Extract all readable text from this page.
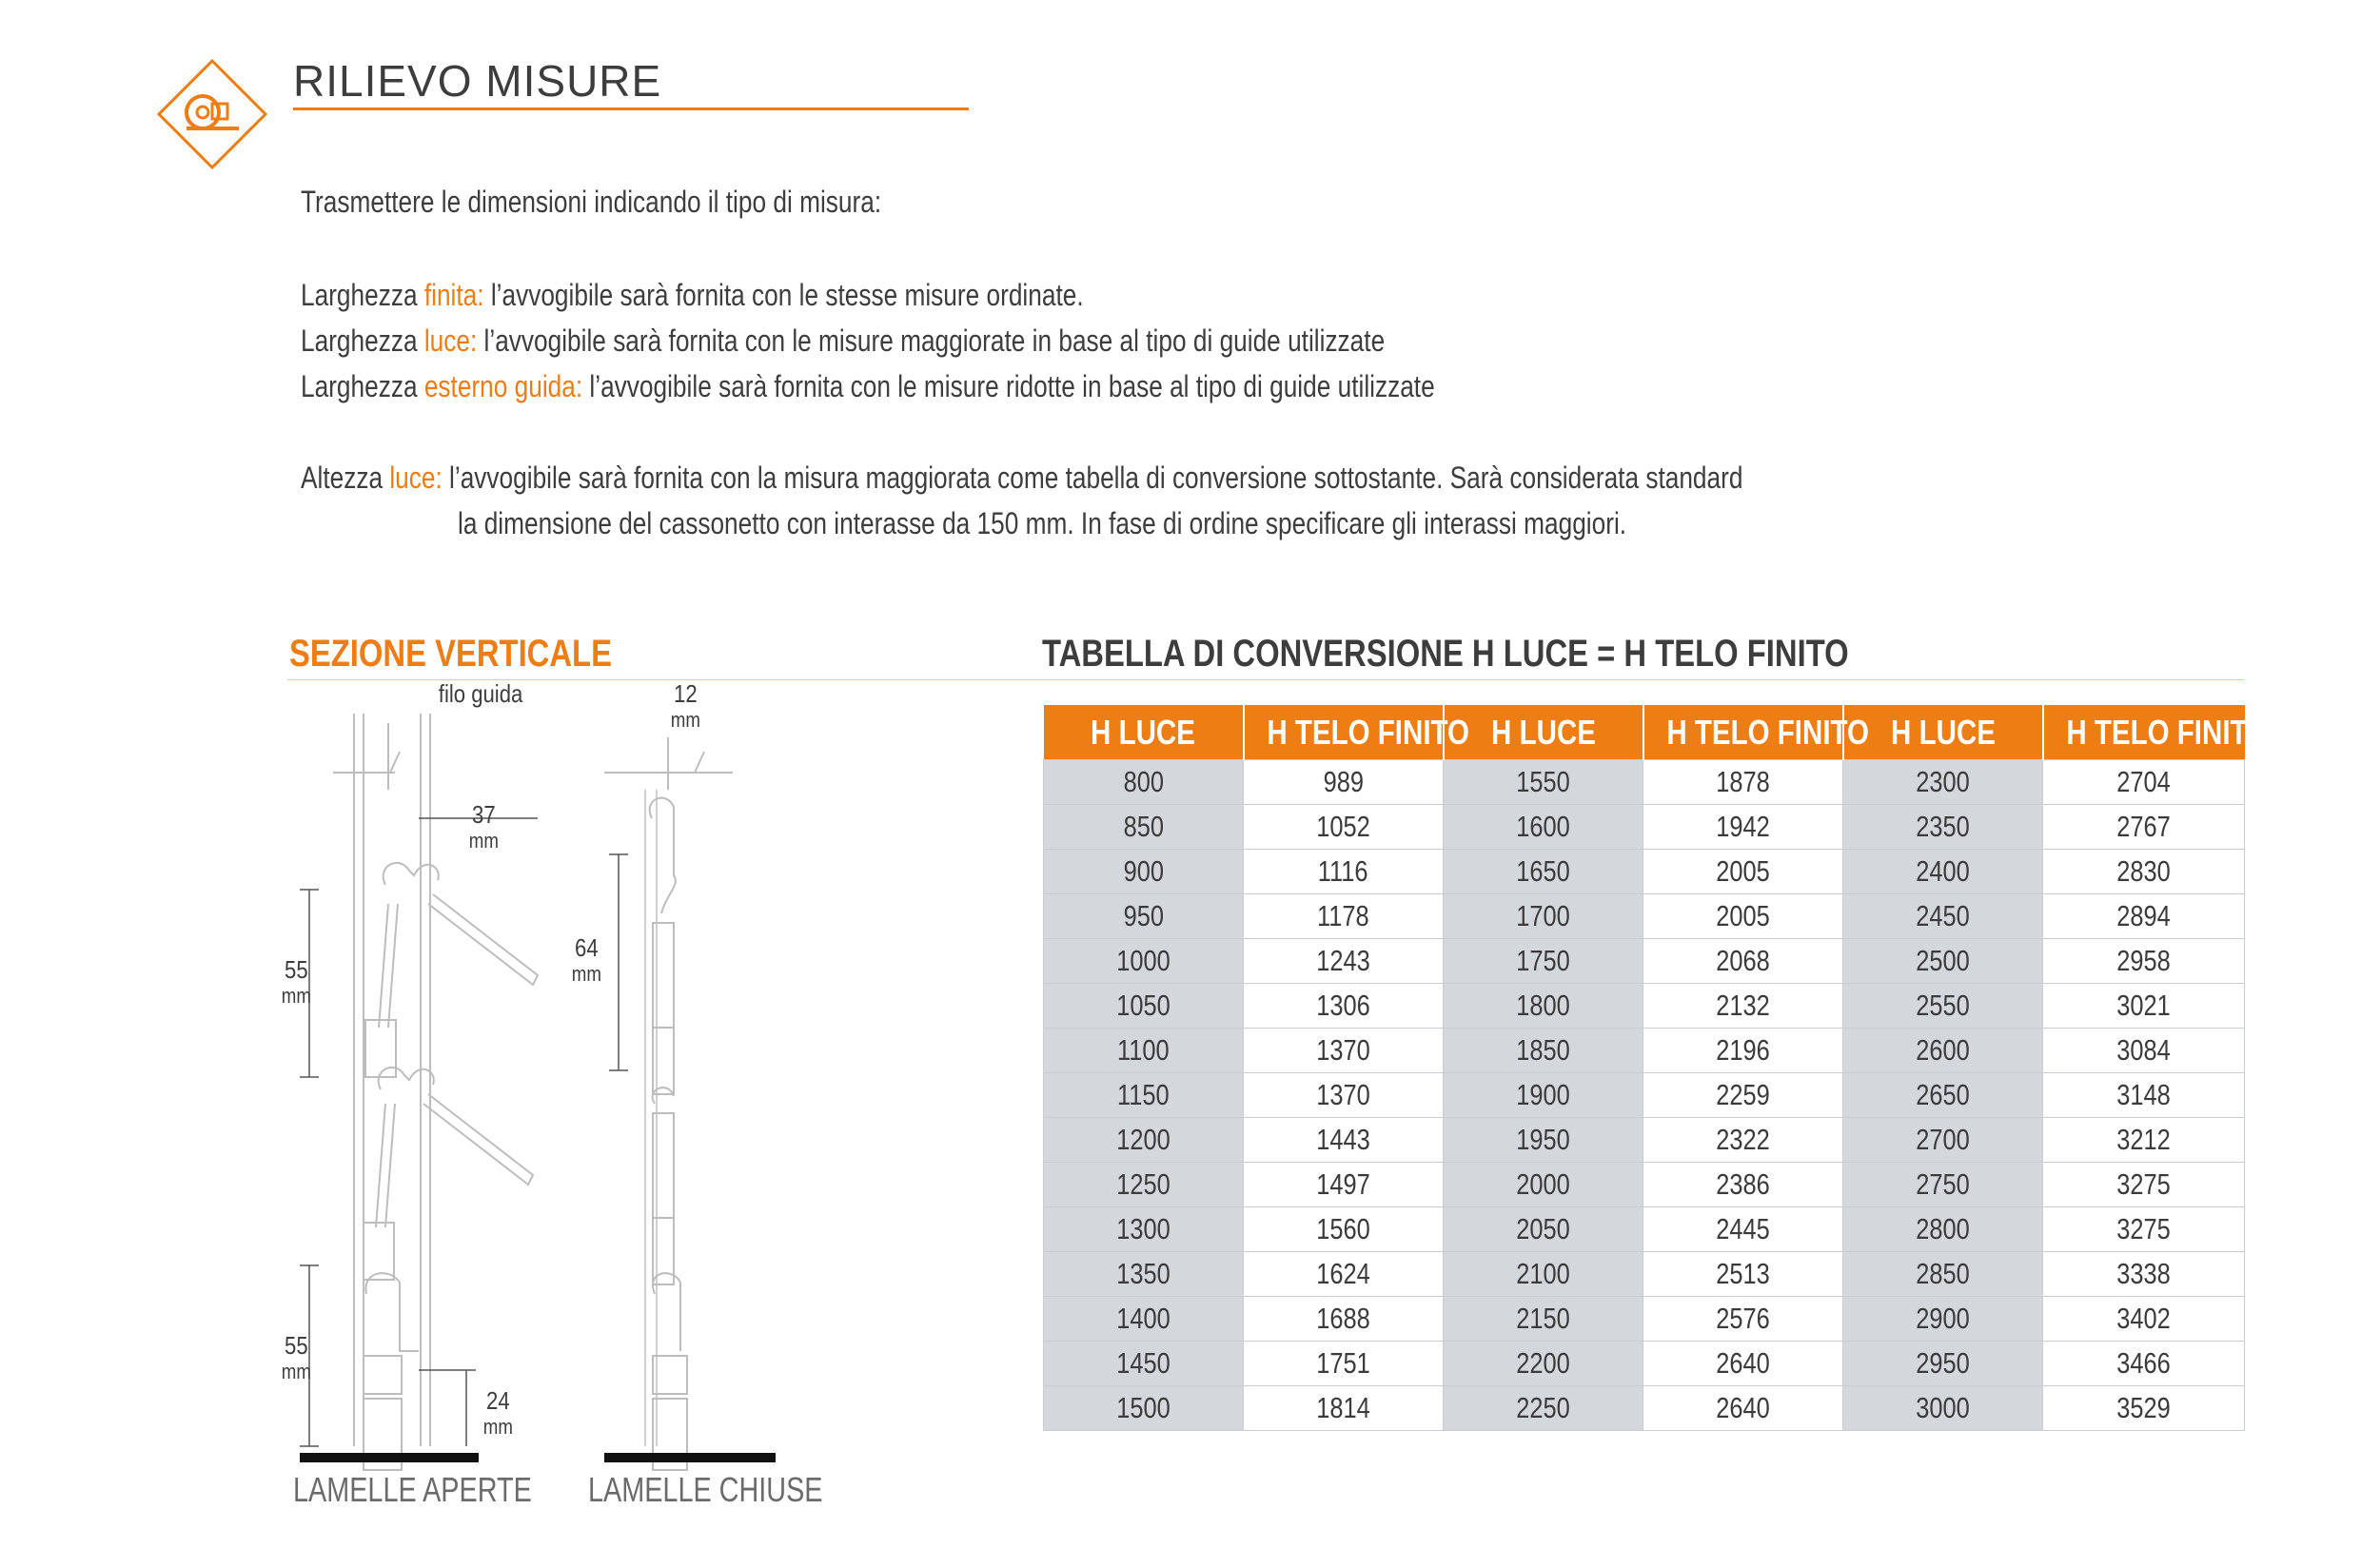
RILIEVO MISURE
Trasmettere le dimensioni indicando il tipo di misura:
Larghezza finita: l’avvogibile sarà fornita con le stesse misure ordinate.
Larghezza luce: l’avvogibile sarà fornita con le misure maggiorate in base al tipo di guide utilizzate
Larghezza esterno guida: l’avvogibile sarà fornita con le misure ridotte in base al tipo di guide utilizzate
Altezza luce: l’avvogibile sarà fornita con la misura maggiorata come tabella di conversione sottostante. Sarà considerata standard
la dimensione del cassonetto con interasse da 150 mm. In fase di ordine specificare gli interassi maggiori.
SEZIONE VERTICALE	TABELLA DI CONVERSIONE H LUCE = H TELO FINITO
filo guida	12
mm
37
mm
55
mm
64
mm
55
mm
24
mm
LAMELLE APERTE LAMELLE CHIUSE
H LUCE	H TELO FINITO	H LUCE	H TELO FINITO	H LUCE	H TELO FINITO
800	989	1550	1878	2300	2704
850	1052	1600	1942	2350	2767
900	1116	1650	2005	2400	2830
950	1178	1700	2005	2450	2894
1000	1243	1750	2068	2500	2958
1050	1306	1800	2132	2550	3021
1100	1370	1850	2196	2600	3084
1150	1370	1900	2259	2650	3148
1200	1443	1950	2322	2700	3212
1250	1497	2000	2386	2750	3275
1300	1560	2050	2445	2800	3275
1350	1624	2100	2513	2850	3338
1400	1688	2150	2576	2900	3402
1450	1751	2200	2640	2950	3466
1500	1814	2250	2640	3000	3529
